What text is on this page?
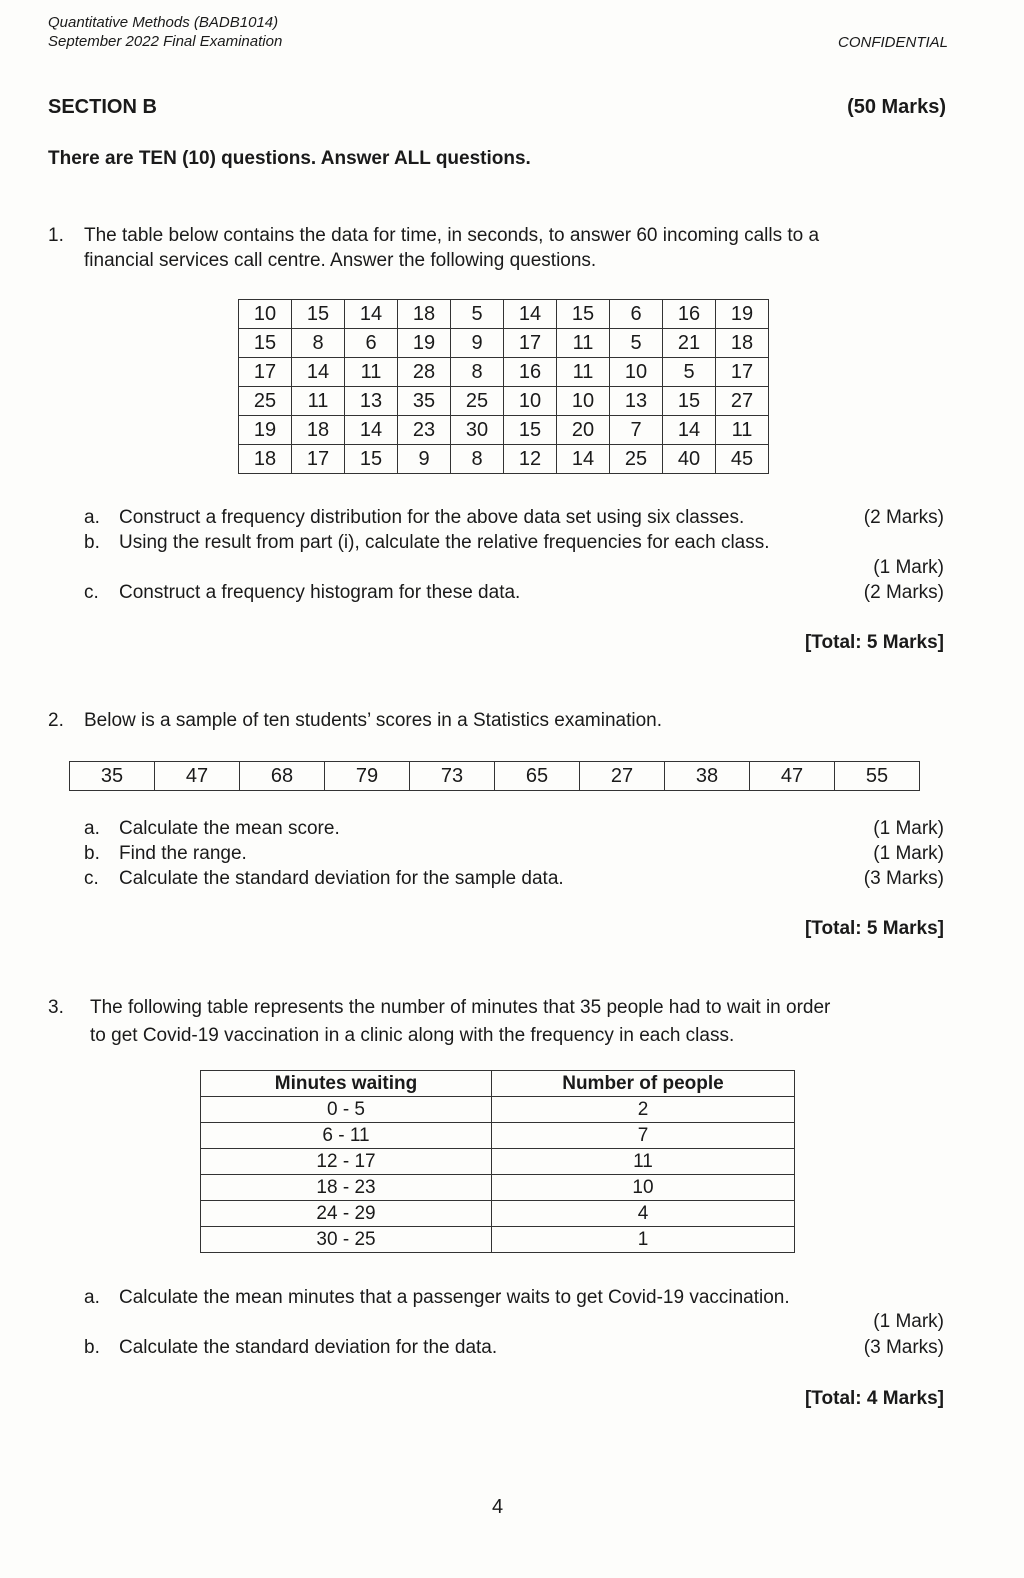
Quantitative Methods (BADB1014)
September 2022 Final Examination	CONFIDENTIAL
SECTION B	(50 Marks)
There are TEN (10) questions. Answer ALL questions.
1. The table below contains the data for time, in seconds, to answer 60 incoming calls to a
financial services call centre. Answer the following questions.
10	15	14	18	5	14	15	6	16	19
15	8	6	19	9	17	11	5	21	18
17	14	11	28	8	16	11	10	5	17
25	11	13	35	25	10	10	13	15	27
19	18	14	23	30	15	20	7	14	11
18	17	15	9	8	12	14	25	40	45
a. Construct a frequency distribution for the above data set using six classes.	(2 Marks)
b. Using the result from part (i), calculate the relative frequencies for each class.
(1 Mark)
c. Construct a frequency histogram for these data.	(2 Marks)
[Total: 5 Marks]
2. Below is a sample of ten students’ scores in a Statistics examination.
35	47	68	79	73	65	27	38	47	55
a. Calculate the mean score.	(1 Mark)
b. Find the range.	(1 Mark)
c. Calculate the standard deviation for the sample data.	(3 Marks)
[Total: 5 Marks]
3. The following table represents the number of minutes that 35 people had to wait in order
to get Covid-19 vaccination in a clinic along with the frequency in each class.
Minutes waiting	Number of people
0 - 5	2
6 - 11	7
12 - 17	11
18 - 23	10
24 - 29	4
30 - 25	1
a. Calculate the mean minutes that a passenger waits to get Covid-19 vaccination.
(1 Mark)
b. Calculate the standard deviation for the data.	(3 Marks)
[Total: 4 Marks]
4
